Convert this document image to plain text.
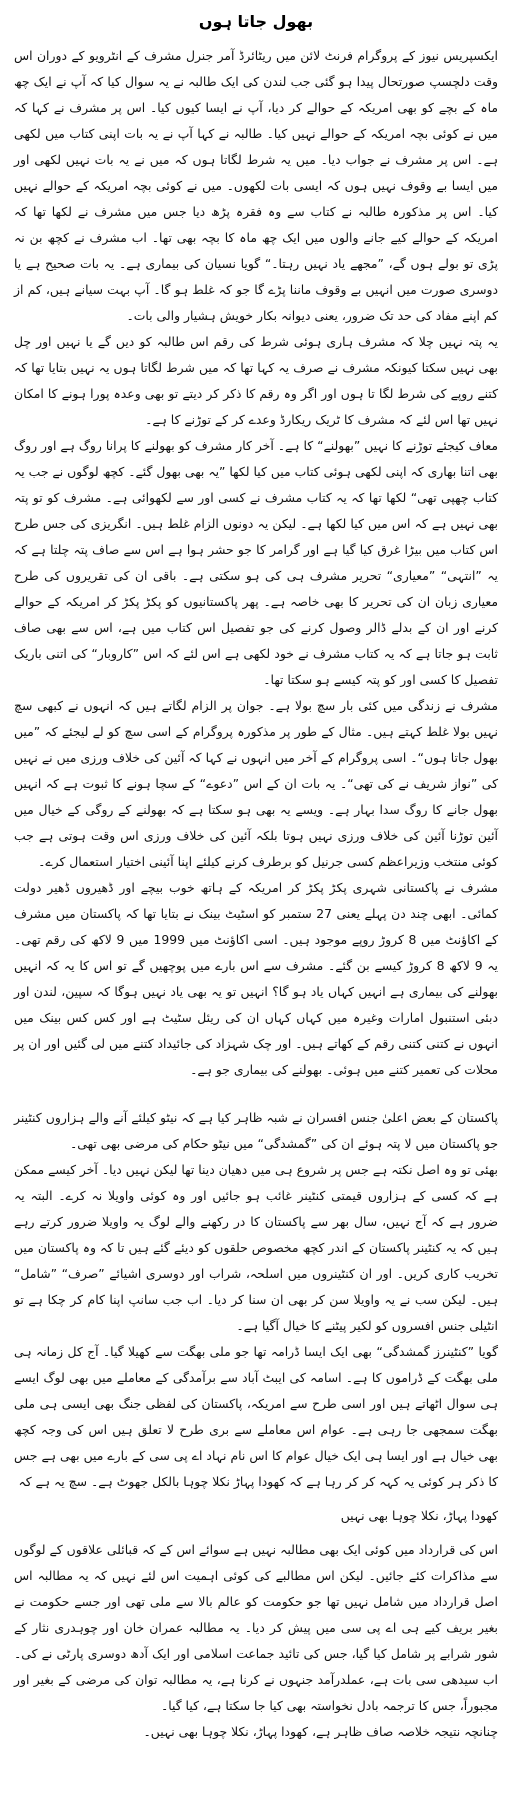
بھول جاتا ہوں

ایکسپریس نیوز کے پروگرام فرنٹ لائن میں ریٹائرڈ آمر جنرل مشرف کے انٹرویو کے دوران اس وقت دلچسپ صورتحال پیدا ہو گئی جب لندن کی ایک طالبہ نے یہ سوال کیا کہ آپ نے ایک چھ ماہ کے بچے کو بھی امریکہ کے حوالے کر دیا، آپ نے ایسا کیوں کیا۔ اس پر مشرف نے کہا کہ میں نے کوئی بچہ امریکہ کے حوالے نہیں کیا۔ طالبہ نے کہا آپ نے یہ بات اپنی کتاب میں لکھی ہے۔ اس پر مشرف نے جواب دیا۔ میں یہ شرط لگاتا ہوں کہ میں نے یہ بات نہیں لکھی اور میں ایسا بے وقوف نہیں ہوں کہ ایسی بات لکھوں۔ میں نے کوئی بچہ امریکہ کے حوالے نہیں کیا۔ اس پر مذکورہ طالبہ نے کتاب سے وہ فقرہ پڑھ دیا جس میں مشرف نے لکھا تھا کہ امریکہ کے حوالے کیے جانے والوں میں ایک چھ ماہ کا بچہ بھی تھا۔ اب مشرف نے کچھ بن نہ پڑی تو بولے ہوں گے، ”مجھے یاد نہیں رہتا۔“ گویا نسیان کی بیماری ہے۔ یہ بات صحیح ہے یا دوسری صورت میں انہیں بے وقوف ماننا پڑے گا جو کہ غلط ہو گا۔ آپ بہت سیانے ہیں، کم از کم اپنے مفاد کی حد تک ضرور، یعنی دیوانہ بکار خویش ہشیار والی بات۔

یہ پتہ نہیں چلا کہ مشرف ہاری ہوئی شرط کی رقم اس طالبہ کو دیں گے یا نہیں اور چل بھی نہیں سکتا کیونکہ مشرف نے صرف یہ کہا تھا کہ میں شرط لگاتا ہوں یہ نہیں بتایا تھا کہ کتنے روپے کی شرط لگا تا ہوں اور اگر وہ رقم کا ذکر کر دیتے تو بھی وعدہ پورا ہونے کا امکان نہیں تھا اس لئے کہ مشرف کا ٹریک ریکارڈ وعدے کر کے توڑنے کا ہے۔

معاف کیجئے توڑنے کا نہیں ”بھولنے“ کا ہے۔ آخر کار مشرف کو بھولنے کا پرانا روگ ہے اور روگ بھی اتنا بھاری کہ اپنی لکھی ہوئی کتاب میں کیا لکھا ”یہ بھی بھول گئے۔ کچھ لوگوں نے جب یہ کتاب چھپی تھی“ لکھا تھا کہ یہ کتاب مشرف نے کسی اور سے لکھوائی ہے۔ مشرف کو تو پتہ بھی نہیں ہے کہ اس میں کیا لکھا ہے۔ لیکن یہ دونوں الزام غلط ہیں۔ انگریزی کی جس طرح اس کتاب میں بیڑا غرق کیا گیا ہے اور گرامر کا جو حشر ہوا ہے اس سے صاف پتہ چلتا ہے کہ یہ ”انتہی“ ”معیاری“ تحریر مشرف ہی کی ہو سکتی ہے۔ باقی ان کی تقریروں کی طرح معیاری زبان ان کی تحریر کا بھی خاصہ ہے۔ پھر پاکستانیوں کو پکڑ پکڑ کر امریکہ کے حوالے کرنے اور ان کے بدلے ڈالر وصول کرنے کی جو تفصیل اس کتاب میں ہے، اس سے بھی صاف ثابت ہو جاتا ہے کہ یہ کتاب مشرف نے خود لکھی ہے اس لئے کہ اس ”کاروبار“ کی اتنی باریک تفصیل کا کسی اور کو پتہ کیسے ہو سکتا تھا۔

مشرف نے زندگی میں کئی بار سچ بولا ہے۔ جوان پر الزام لگاتے ہیں کہ انہوں نے کبھی سچ نہیں بولا غلط کہتے ہیں۔ مثال کے طور پر مذکورہ پروگرام کے اسی سچ کو لے لیجئے کہ ”میں بھول جاتا ہوں“۔ اسی پروگرام کے آخر میں انہوں نے کہا کہ آئین کی خلاف ورزی میں نے نہیں کی ”نواز شریف نے کی تھی“۔ یہ بات ان کے اس ”دعوے“ کے سچا ہونے کا ثبوت ہے کہ انہیں بھول جانے کا روگ سدا بہار ہے۔ ویسے یہ بھی ہو سکتا ہے کہ بھولنے کے روگی کے خیال میں آئین توڑنا آئین کی خلاف ورزی نہیں ہوتا بلکہ آئین کی خلاف ورزی اس وقت ہوتی ہے جب کوئی منتخب وزیراعظم کسی جرنیل کو برطرف کرنے کیلئے اپنا آئینی اختیار استعمال کرے۔

مشرف نے پاکستانی شہری پکڑ پکڑ کر امریکہ کے ہاتھ خوب بیچے اور ڈھیروں ڈھیر دولت کمائی۔ ابھی چند دن پہلے یعنی 27 ستمبر کو اسٹیٹ بینک نے بتایا تھا کہ پاکستان میں مشرف کے اکاؤنٹ میں 8 کروڑ روپے موجود ہیں۔ اسی اکاؤنٹ میں 1999 میں 9 لاکھ کی رقم تھی۔ یہ 9 لاکھ 8 کروڑ کیسے بن گئے۔ مشرف سے اس بارے میں پوچھیں گے تو اس کا یہ کہ انہیں بھولنے کی بیماری ہے انہیں کہاں یاد ہو گا؟ انہیں تو یہ بھی یاد نہیں ہوگا کہ سپین، لندن اور دبئی استنبول امارات وغیرہ میں کہاں کہاں ان کی ریئل سٹیٹ ہے اور کس کس بینک میں انہوں نے کتنی کتنی رقم کے کھاتے ہیں۔ اور چک شہزاد کی جائیداد کتنے میں لی گئیں اور ان پر محلات کی تعمیر کتنے میں ہوئی۔ بھولنے کی بیماری جو ہے۔

پاکستان کے بعض اعلیٰ جنس افسران نے شبہ ظاہر کیا ہے کہ نیٹو کیلئے آنے والے ہزاروں کنٹینر جو پاکستان میں لا پتہ ہوئے ان کی ”گمشدگی“ میں نیٹو حکام کی مرضی بھی تھی۔

بھئی تو وہ اصل نکتہ ہے جس پر شروع ہی میں دھیان دینا تھا لیکن نہیں دیا۔ آخر کیسے ممکن ہے کہ کسی کے ہزاروں قیمتی کنٹینر غائب ہو جائیں اور وہ کوئی واویلا نہ کرے۔ البتہ یہ ضرور ہے کہ آج نہیں، سال بھر سے پاکستان کا در رکھنے والے لوگ یہ واویلا ضرور کرتے رہے ہیں کہ یہ کنٹینر پاکستان کے اندر کچھ مخصوص حلقوں کو دیئے گئے ہیں تا کہ وہ پاکستان میں تخریب کاری کریں۔ اور ان کنٹینروں میں اسلحہ، شراب اور دوسری اشیائے ”صرف“ ”شامل“ ہیں۔ لیکن سب نے یہ واویلا سن کر بھی ان سنا کر دیا۔ اب جب سانپ اپنا کام کر چکا ہے تو انٹیلی جنس افسروں کو لکیر پیٹنے کا خیال آگیا ہے۔

گویا ”کنٹینرز گمشدگی“ بھی ایک ایسا ڈرامہ تھا جو ملی بھگت سے کھیلا گیا۔ آج کل زمانہ ہی ملی بھگت کے ڈراموں کا ہے۔ اسامہ کی ایبٹ آباد سے برآمدگی کے معاملے میں بھی لوگ ایسے ہی سوال اٹھاتے ہیں اور اسی طرح سے امریکہ، پاکستان کی لفظی جنگ بھی ایسی ہی ملی بھگت سمجھی جا رہی ہے۔ عوام اس معاملے سے بری طرح لا تعلق ہیں اس کی وجہ کچھ بھی خیال ہے اور ایسا ہی ایک خیال عوام کا اس نام نہاد اے پی سی کے بارے میں بھی ہے جس کا ذکر ہر کوئی یہ کہہ کر کر رہا ہے کہ کھودا پہاڑ نکلا چوہا بالکل جھوٹ ہے۔ سچ یہ ہے کہ

کھودا پہاڑ، نکلا چوہا بھی نہیں

اس کی قرارداد میں کوئی ایک بھی مطالبہ نہیں ہے سوائے اس کے کہ قبائلی علاقوں کے لوگوں سے مذاکرات کئے جائیں۔ لیکن اس مطالبے کی کوئی اہمیت اس لئے نہیں کہ یہ مطالبہ اس اصل قرارداد میں شامل نہیں تھا جو حکومت کو عالم بالا سے ملی تھی اور جسے حکومت نے بغیر بریف کیے ہی اے پی سی میں پیش کر دیا۔ یہ مطالبہ عمران خان اور چوہدری نثار کے شور شرابے پر شامل کیا گیا، جس کی تائید جماعت اسلامی اور ایک آدھ دوسری پارٹی نے کی۔ اب سیدھی سی بات ہے، عملدرآمد جنہوں نے کرنا ہے، یہ مطالبہ توان کی مرضی کے بغیر اور مجبوراً، جس کا ترجمہ بادل نخواستہ بھی کیا جا سکتا ہے، کیا گیا۔

چنانچہ نتیجہ خلاصہ صاف ظاہر ہے، کھودا پہاڑ، نکلا چوہا بھی نہیں۔
